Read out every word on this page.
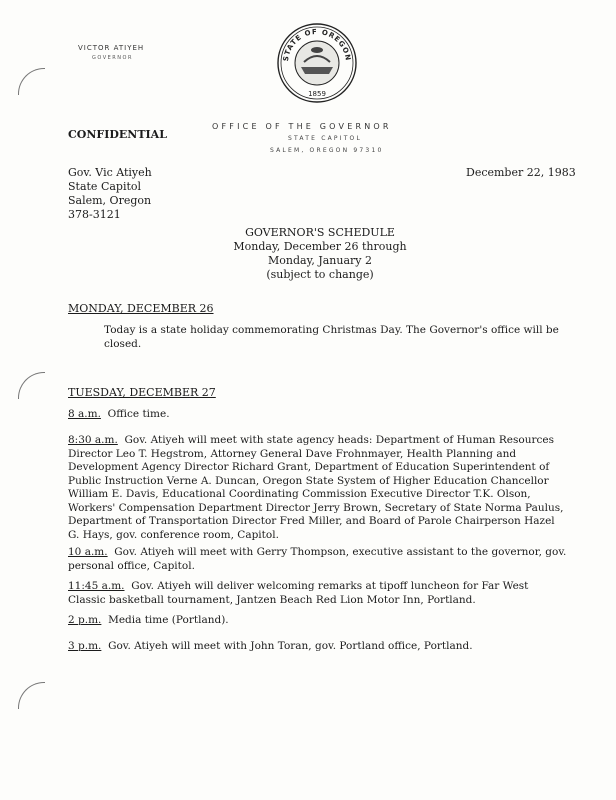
VICTOR ATIYEH
GOVERNOR	STATE OF OREGON
1859
CONFIDENTIAL
OFFICE OF THE GOVERNOR
STATE CAPITOL
SALEM, OREGON 97310
Gov. Vic Atiyeh
State Capitol
Salem, Oregon
378-3121
December 22, 1983
GOVERNOR'S SCHEDULE
Monday, December 26 through
Monday, January 2
(subject to change)
MONDAY, DECEMBER 26
Today is a state holiday commemorating Christmas Day. The Governor's office will be closed.
TUESDAY, DECEMBER 27
8 a.m. Office time.
8:30 a.m. Gov. Atiyeh will meet with state agency heads: Department of Human Resources Director Leo T. Hegstrom, Attorney General Dave Frohnmayer, Health Planning and Development Agency Director Richard Grant, Department of Education Superintendent of Public Instruction Verne A. Duncan, Oregon State System of Higher Education Chancellor William E. Davis, Educational Coordinating Commission Executive Director T.K. Olson, Workers' Compensation Department Director Jerry Brown, Secretary of State Norma Paulus, Department of Transportation Director Fred Miller, and Board of Parole Chairperson Hazel G. Hays, gov. conference room, Capitol.
10 a.m. Gov. Atiyeh will meet with Gerry Thompson, executive assistant to the governor, gov. personal office, Capitol.
11:45 a.m. Gov. Atiyeh will deliver welcoming remarks at tipoff luncheon for Far West Classic basketball tournament, Jantzen Beach Red Lion Motor Inn, Portland.
2 p.m. Media time (Portland).
3 p.m. Gov. Atiyeh will meet with John Toran, gov. Portland office, Portland.
